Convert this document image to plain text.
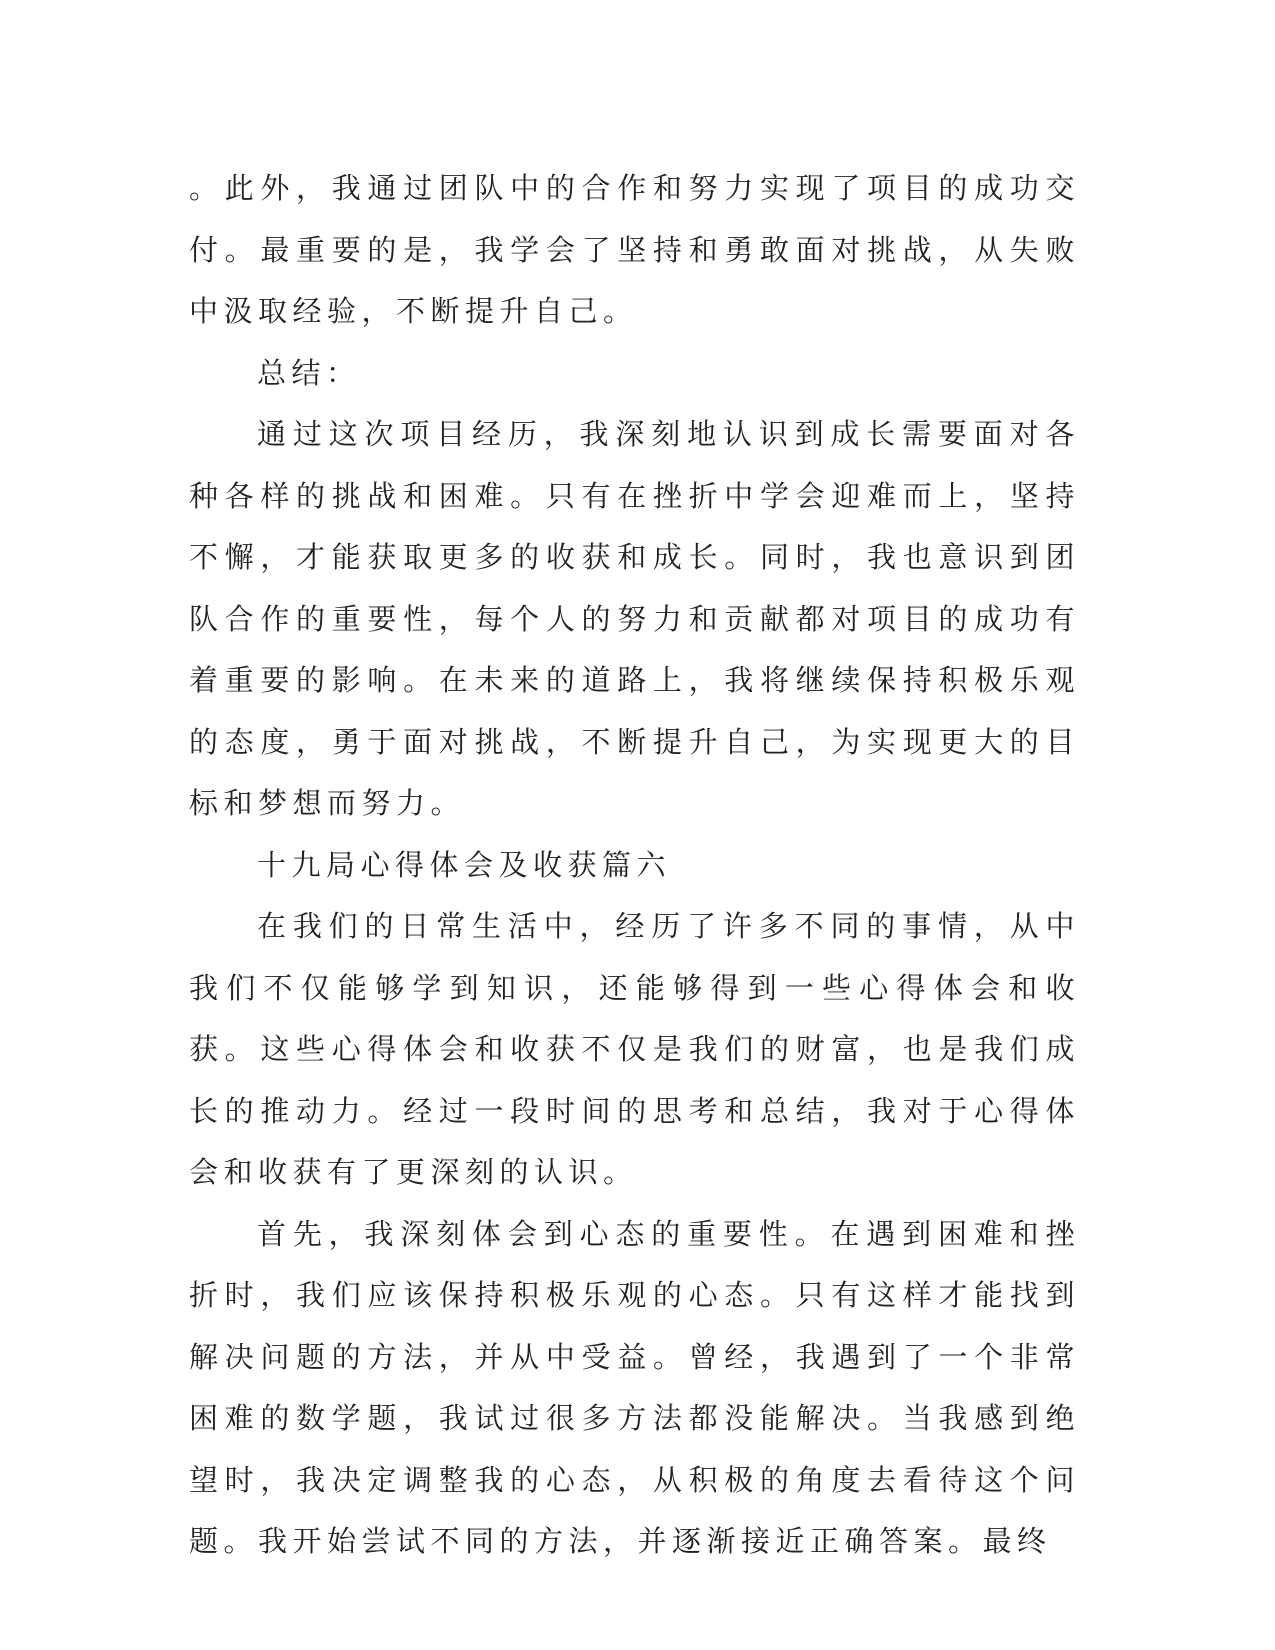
。此外，我通过团队中的合作和努力实现了项目的成功交付。最重要的是，我学会了坚持和勇敢面对挑战，从失败中汲取经验，不断提升自己。

总结：

通过这次项目经历，我深刻地认识到成长需要面对各种各样的挑战和困难。只有在挫折中学会迎难而上，坚持不懈，才能获取更多的收获和成长。同时，我也意识到团队合作的重要性，每个人的努力和贡献都对项目的成功有着重要的影响。在未来的道路上，我将继续保持积极乐观的态度，勇于面对挑战，不断提升自己，为实现更大的目标和梦想而努力。

十九局心得体会及收获篇六

在我们的日常生活中，经历了许多不同的事情，从中我们不仅能够学到知识，还能够得到一些心得体会和收获。这些心得体会和收获不仅是我们的财富，也是我们成长的推动力。经过一段时间的思考和总结，我对于心得体会和收获有了更深刻的认识。

首先，我深刻体会到心态的重要性。在遇到困难和挫折时，我们应该保持积极乐观的心态。只有这样才能找到解决问题的方法，并从中受益。曾经，我遇到了一个非常困难的数学题，我试过很多方法都没能解决。当我感到绝望时，我决定调整我的心态，从积极的角度去看待这个问题。我开始尝试不同的方法，并逐渐接近正确答案。最终
